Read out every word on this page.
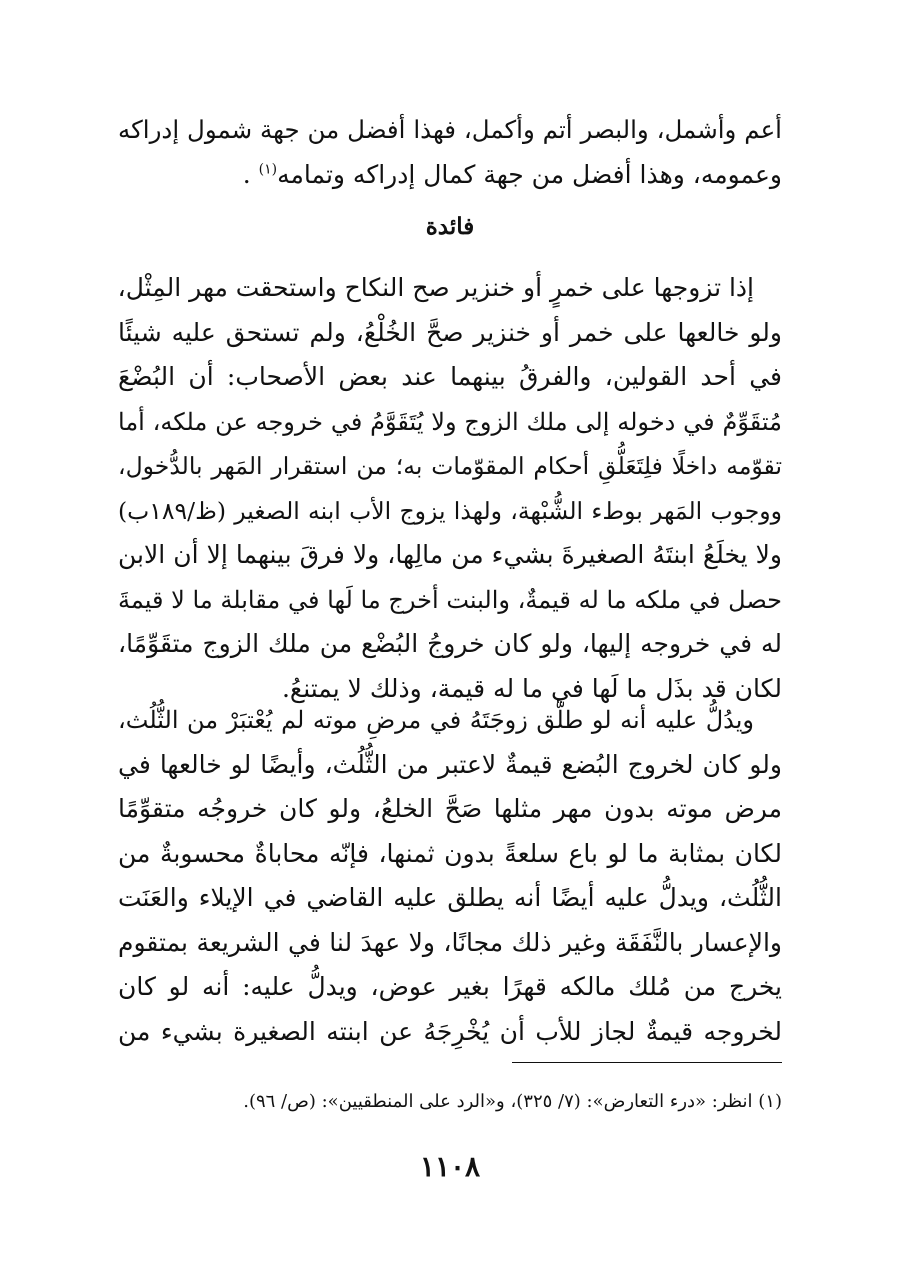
أعم وأشمل، والبصر أتم وأكمل، فهذا أفضل من جهة شمول إدراكه
وعمومه، وهذا أفضل من جهة كمال إدراكه وتمامه$^{(١)}$ .
فائدة
إذا تزوجها على خمرٍ أو خنزير صح النكاح واستحقت مهر المِثْل،
ولو خالعها على خمر أو خنزير صحَّ الخُلْعُ، ولم تستحق عليه شيئًا
في أحد القولين، والفرقُ بينهما عند بعض الأصحاب: أن البُضْعَ
مُتقَوِّمٌ في دخوله إلى ملك الزوج ولا يُتَقَوَّمُ في خروجه عن ملكه، أما
تقوّمه داخلًا فلِتَعَلُّقِ أحكام المقوّمات به؛ من استقرار المَهر بالدُّخول،
ووجوب المَهر بوطء الشُّبْهة، ولهذا يزوج الأب ابنه الصغير (ظ/١٨٩ب)
ولا يخلَعُ ابنتَهُ الصغيرةَ بشيء من مالِها، ولا فرقَ بينهما إلا أن الابن
حصل في ملكه ما له قيمةٌ، والبنت أخرج ما لَها في مقابلة ما لا قيمةَ
له في خروجه إليها، ولو كان خروجُ البُضْع من ملك الزوج متقَوِّمًا،
لكان قد بذَل ما لَها في ما له قيمة، وذلك لا يمتنعُ.
ويدُلُّ عليه أنه لو طلَّق زوجَتَهُ في مرضِ موته لم يُعْتبَرْ من الثُّلُث،
ولو كان لخروج البُضع قيمةٌ لاعتبر من الثُّلُث، وأيضًا لو خالعها في
مرض موته بدون مهر مثلها صَحَّ الخلعُ، ولو كان خروجُه متقوِّمًا
لكان بمثابة ما لو باع سلعةً بدون ثمنها، فإنّه محاباةٌ محسوبةٌ من
الثُّلُث، ويدلُّ عليه أيضًا أنه يطلق عليه القاضي في الإيلاء والعَنَت
والإعسار بالنَّفَقَة وغير ذلك مجانًا، ولا عهدَ لنا في الشريعة بمتقوم
يخرج من مُلك مالكه قهرًا بغير عوض، ويدلُّ عليه: أنه لو كان
لخروجه قيمةٌ لجاز للأب أن يُخْرِجَهُ عن ابنته الصغيرة بشيء من
(١) انظر: «درء التعارض»: (٧/ ٣٢٥)، و«الرد على المنطقيين»: (ص/ ٩٦).
١١٠٨
